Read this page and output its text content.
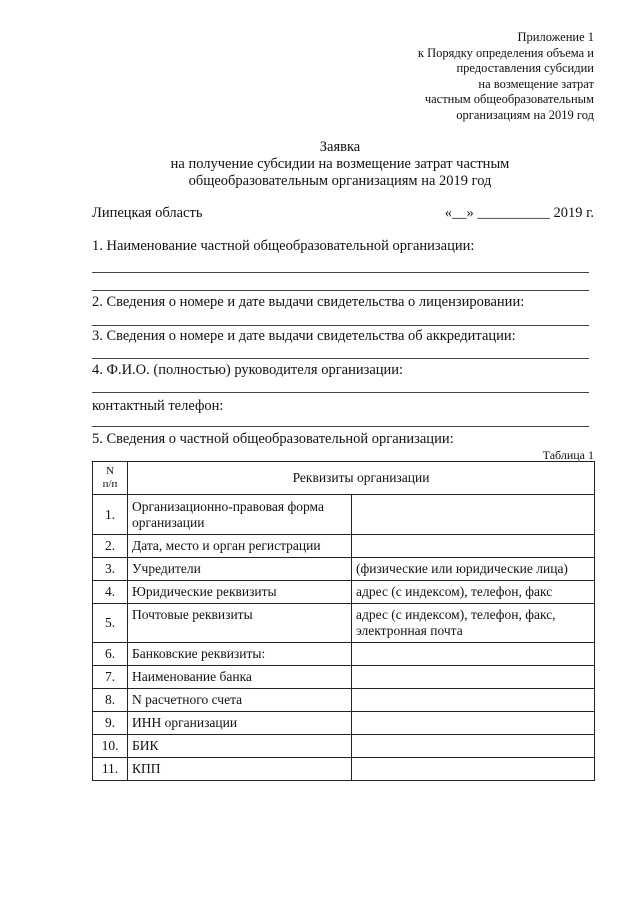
Приложение 1
к Порядку определения объема и
предоставления субсидии
на возмещение затрат
частным общеобразовательным
организациям на 2019 год
Заявка
на получение субсидии на возмещение затрат частным
общеобразовательным организациям на 2019 год
Липецкая область	«__» __________ 2019 г.
1. Наименование частной общеобразовательной организации:
2. Сведения о номере и дате выдачи свидетельства о лицензировании:
3. Сведения о номере и дате выдачи свидетельства об аккредитации:
4. Ф.И.О. (полностью) руководителя организации:
контактный телефон:
5. Сведения о частной общеобразовательной организации:
Таблица 1
N
п/п	Реквизиты организации	
1.	Организационно-правовая форма организации	
2.	Дата, место и орган регистрации	
3.	Учредители	(физические или юридические лица)
4.	Юридические реквизиты	адрес (с индексом), телефон, факс
5.	Почтовые реквизиты	адрес (с индексом), телефон, факс, электронная почта
6.	Банковские реквизиты:	
7.	Наименование банка	
8.	N расчетного счета	
9.	ИНН организации	
10.	БИК	
11.	КПП	
